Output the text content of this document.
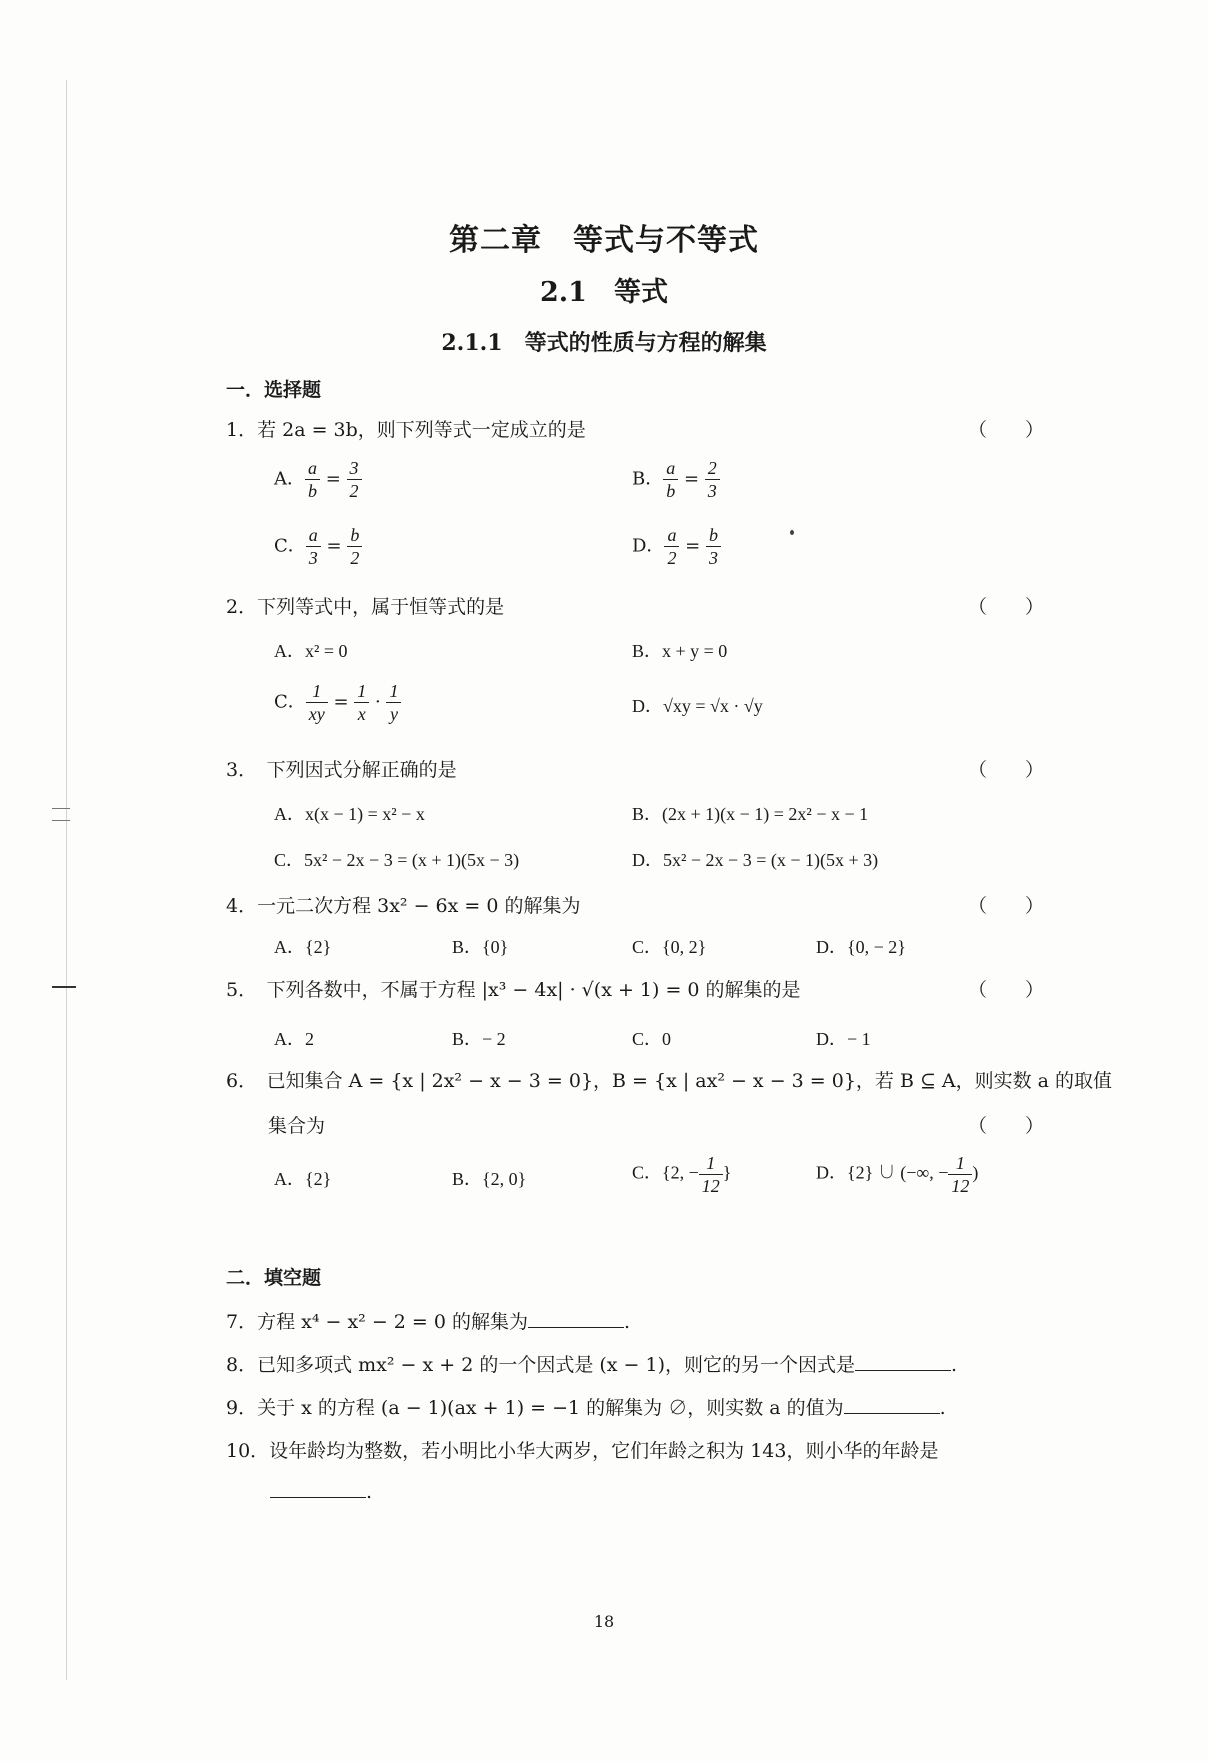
第二章　等式与不等式
2.1　等式
2.1.1　等式的性质与方程的解集
一．选择题
1．若 2a = 3b，则下列等式一定成立的是	（　　）
A． $\frac{a}{b} = \frac{3}{2}$	B． $\frac{a}{b} = \frac{2}{3}$
C． $\frac{a}{3} = \frac{b}{2}$	D． $\frac{a}{2} = \frac{b}{3}$
2．下列等式中，属于恒等式的是	（　　）
A．x² = 0	B．x + y = 0
C． $\frac{1}{xy} = \frac{1}{x} \cdot \frac{1}{y}$	D．√xy = √x · √y
3．　下列因式分解正确的是	（　　）
A．x(x − 1) = x² − x	B．(2x + 1)(x − 1) = 2x² − x − 1
C．5x² − 2x − 3 = (x + 1)(5x − 3)	D．5x² − 2x − 3 = (x − 1)(5x + 3)
4．一元二次方程 3x² − 6x = 0 的解集为	（　　）
A．{2}	B．{0}	C．{0, 2}	D．{0, − 2}
5．　下列各数中，不属于方程 |x³ − 4x| · √(x + 1) = 0 的解集的是	（　　）
A．2	B．− 2	C．0	D．− 1
6．　已知集合 A = {x | 2x² − x − 3 = 0}，B = {x | ax² − x − 3 = 0}，若 B ⊆ A，则实数 a 的取值
集合为	（　　）
A．{2}	B．{2, 0}	C．{2, − $\frac{1}{12}$ }	D．{2} ∪ (−∞, − $\frac{1}{12}$ )
二．填空题
7．方程 x⁴ − x² − 2 = 0 的解集为	.
8．已知多项式 mx² − x + 2 的一个因式是 (x − 1)，则它的另一个因式是	.
9．关于 x 的方程 (a − 1)(ax + 1) = −1 的解集为 ∅，则实数 a 的值为	.
10．设年龄均为整数，若小明比小华大两岁，它们年龄之积为 143，则小华的年龄是
.
18
